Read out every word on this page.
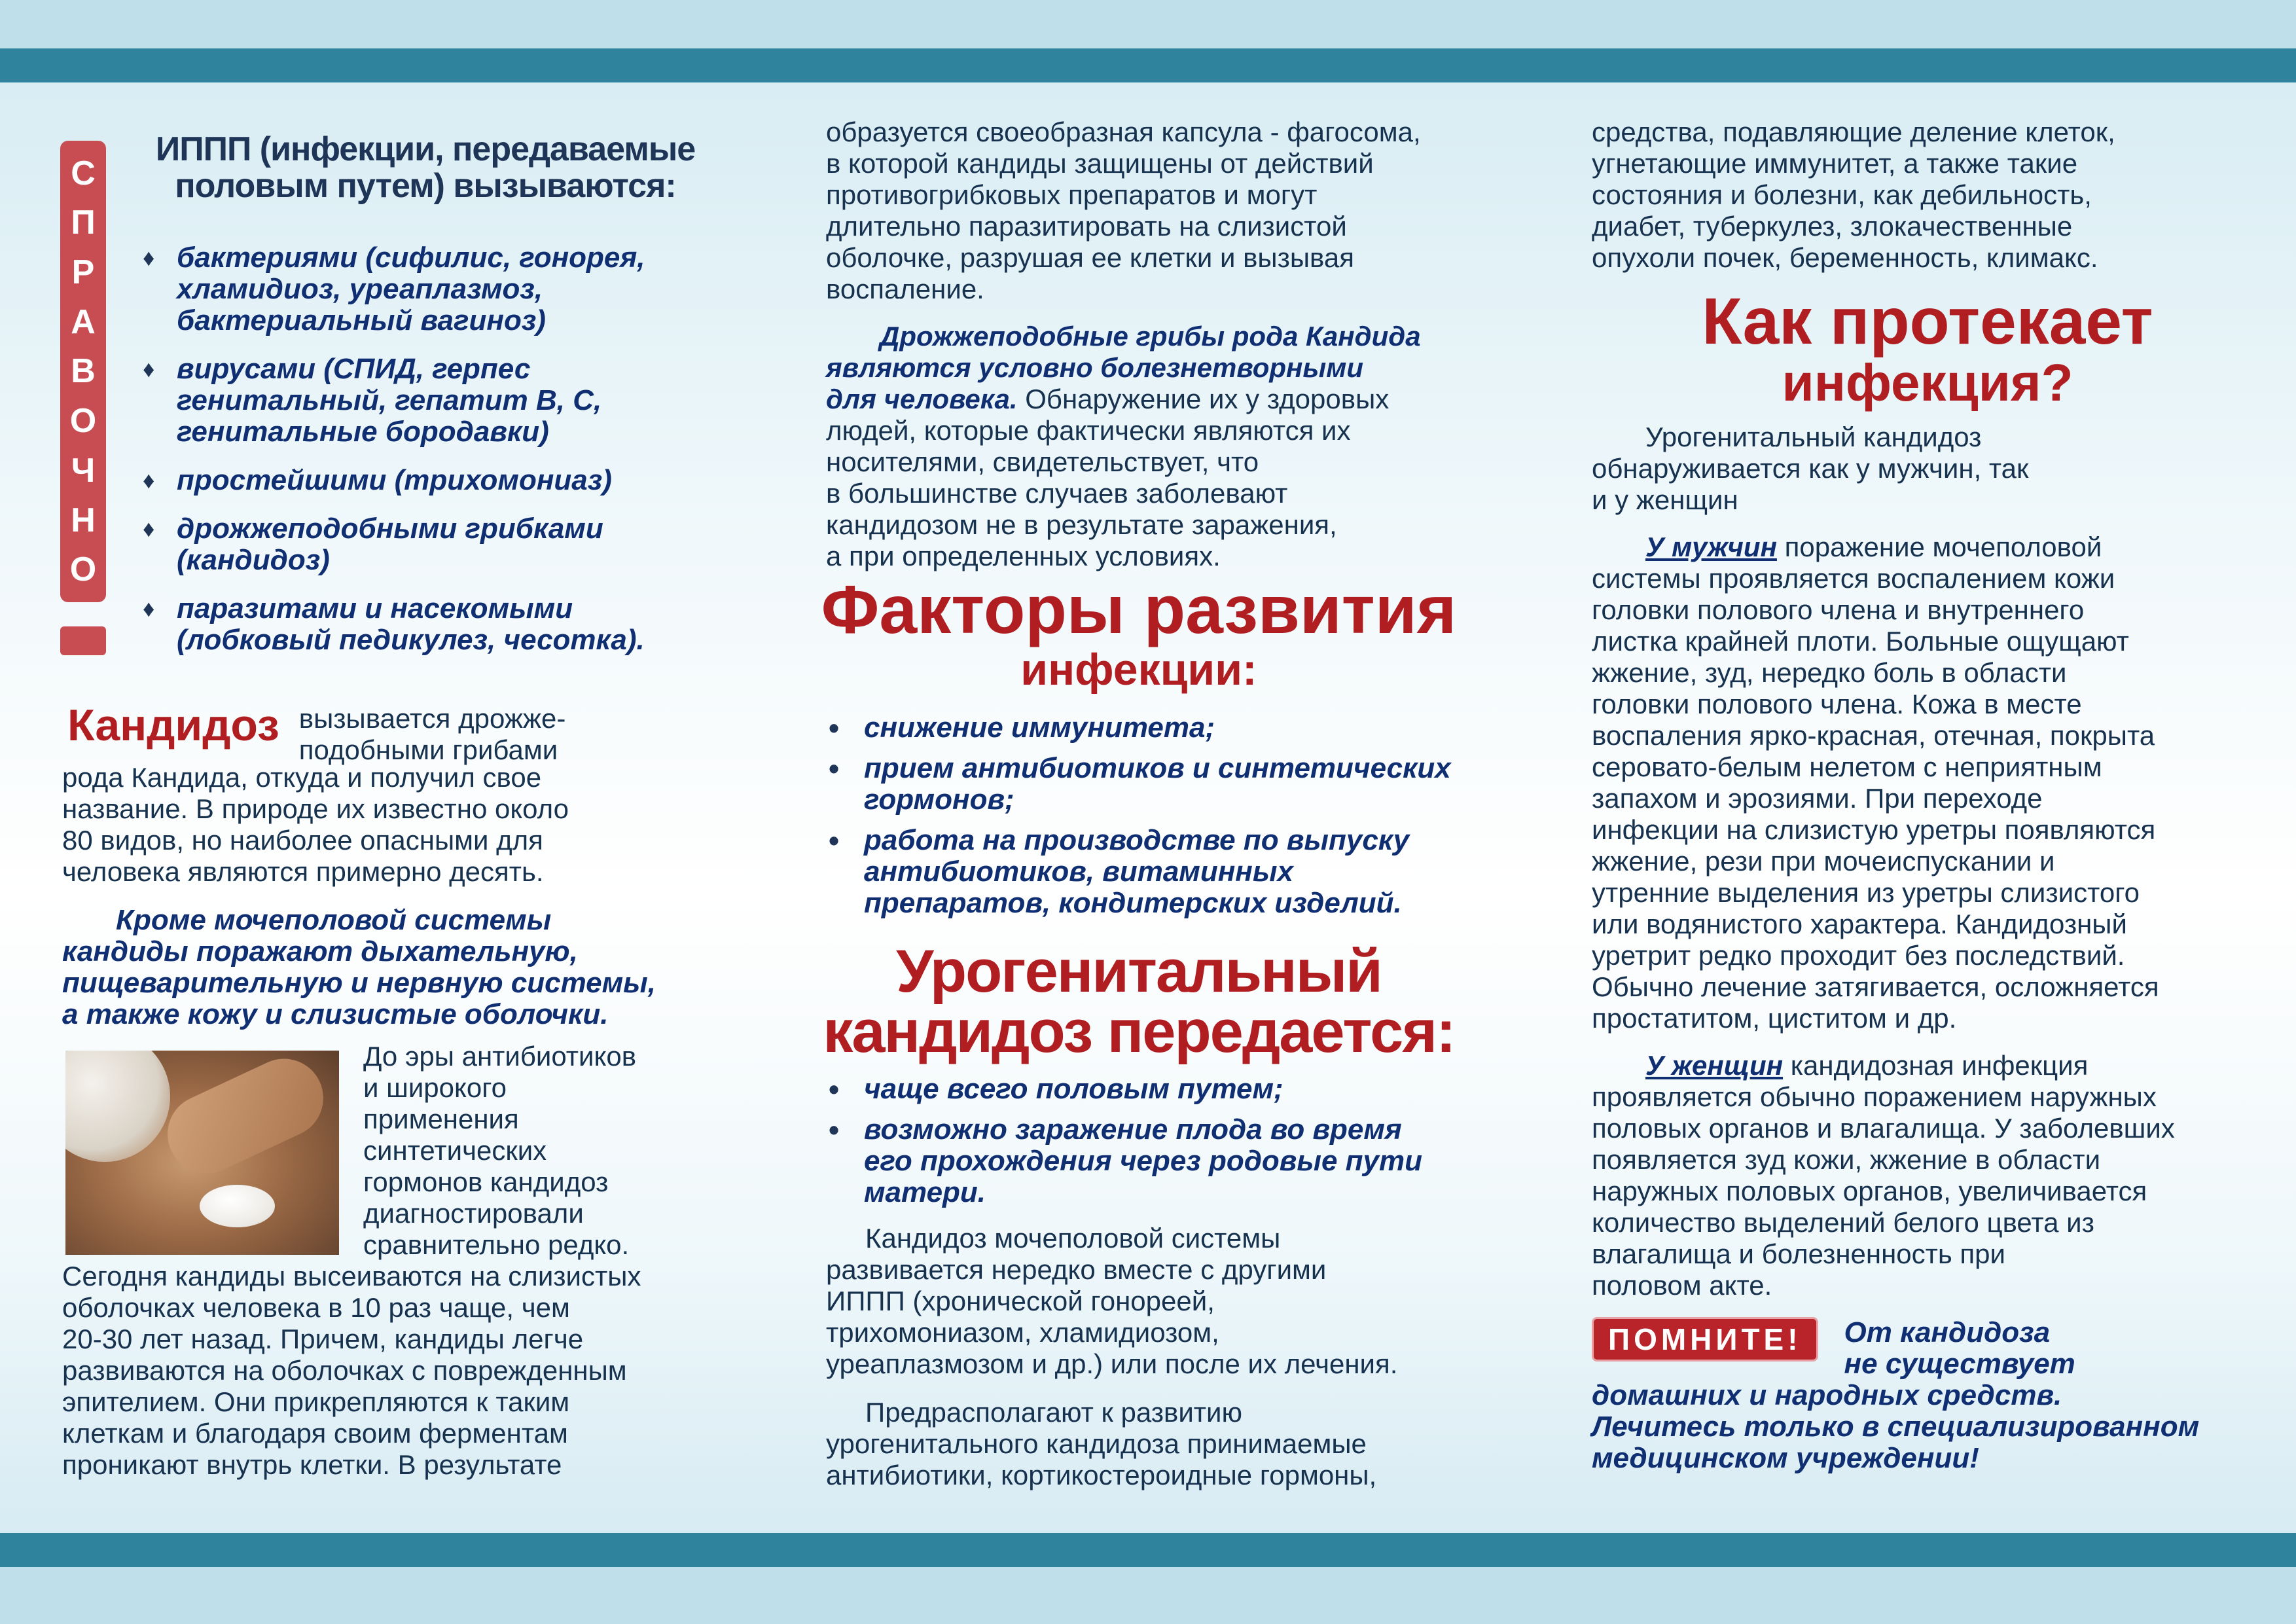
С
П
Р
А
В
О
Ч
Н
О
ИППП (инфекции, передаваемые
половым путем) вызываются:
♦ бактериями (сифилис, гонорея,
хламидиоз, уреаплазмоз,
бактериальный вагиноз)
♦ вирусами (СПИД, герпес
генитальный, гепатит В, С,
генитальные бородавки)
♦ простейшими (трихомониаз)
♦ дрожжеподобными грибками
(кандидоз)
♦ паразитами и насекомыми
(лобковый педикулез, чесотка).
Кандидоз вызывается дрожже-
подобными грибами
рода Кандида, откуда и получил свое
название. В природе их известно около
80 видов, но наиболее опасными для
человека являются примерно десять.
Кроме мочеполовой системы
кандиды поражают дыхательную,
пищеварительную и нервную системы,
а также кожу и слизистые оболочки.
До эры антибиотиков
и широкого
применения
синтетических
гормонов кандидоз
диагностировали
сравнительно редко.
Сегодня кандиды высеиваются на слизистых
оболочках человека в 10 раз чаще, чем
20-30 лет назад. Причем, кандиды легче
развиваются на оболочках с поврежденным
эпителием. Они прикрепляются к таким
клеткам и благодаря своим ферментам
проникают внутрь клетки. В результате
образуется своеобразная капсула - фагосома,
в которой кандиды защищены от действий
противогрибковых препаратов и могут
длительно паразитировать на слизистой
оболочке, разрушая ее клетки и вызывая
воспаление.
Дрожжеподобные грибы рода Кандида
являются условно болезнетворными
для человека. Обнаружение их у здоровых
людей, которые фактически являются их
носителями, свидетельствует, что
в большинстве случаев заболевают
кандидозом не в результате заражения,
а при определенных условиях.
Факторы развития
инфекции:
• снижение иммунитета;
• прием антибиотиков и синтетических
гормонов;
• работа на производстве по выпуску
антибиотиков, витаминных
препаратов, кондитерских изделий.
Урогенитальный
кандидоз передается:
• чаще всего половым путем;
• возможно заражение плода во время
его прохождения через родовые пути
матери.
Кандидоз мочеполовой системы
развивается нередко вместе с другими
ИППП (хронической гонореей,
трихомониазом, хламидиозом,
уреаплазмозом и др.) или после их лечения.
Предрасполагают к развитию
урогенитального кандидоза принимаемые
антибиотики, кортикостероидные гормоны,
средства, подавляющие деление клеток,
угнетающие иммунитет, а также такие
состояния и болезни, как дебильность,
диабет, туберкулез, злокачественные
опухоли почек, беременность, климакс.
Как протекает
инфекция?
Урогенитальный кандидоз
обнаруживается как у мужчин, так
и у женщин
У мужчин поражение мочеполовой
системы проявляется воспалением кожи
головки полового члена и внутреннего
листка крайней плоти. Больные ощущают
жжение, зуд, нередко боль в области
головки полового члена. Кожа в месте
воспаления ярко-красная, отечная, покрыта
серовато-белым нелетом с неприятным
запахом и эрозиями. При переходе
инфекции на слизистую уретры появляются
жжение, рези при мочеиспускании и
утренние выделения из уретры слизистого
или водянистого характера. Кандидозный
уретрит редко проходит без последствий.
Обычно лечение затягивается, осложняется
простатитом, циститом и др.
У женщин кандидозная инфекция
проявляется обычно поражением наружных
половых органов и влагалища. У заболевших
появляется зуд кожи, жжение в области
наружных половых органов, увеличивается
количество выделений белого цвета из
влагалища и болезненность при
половом акте.
ПОМНИТЕ!	От кандидоза
не существует
домашних и народных средств.
Лечитесь только в специализированном
медицинском учреждении!
